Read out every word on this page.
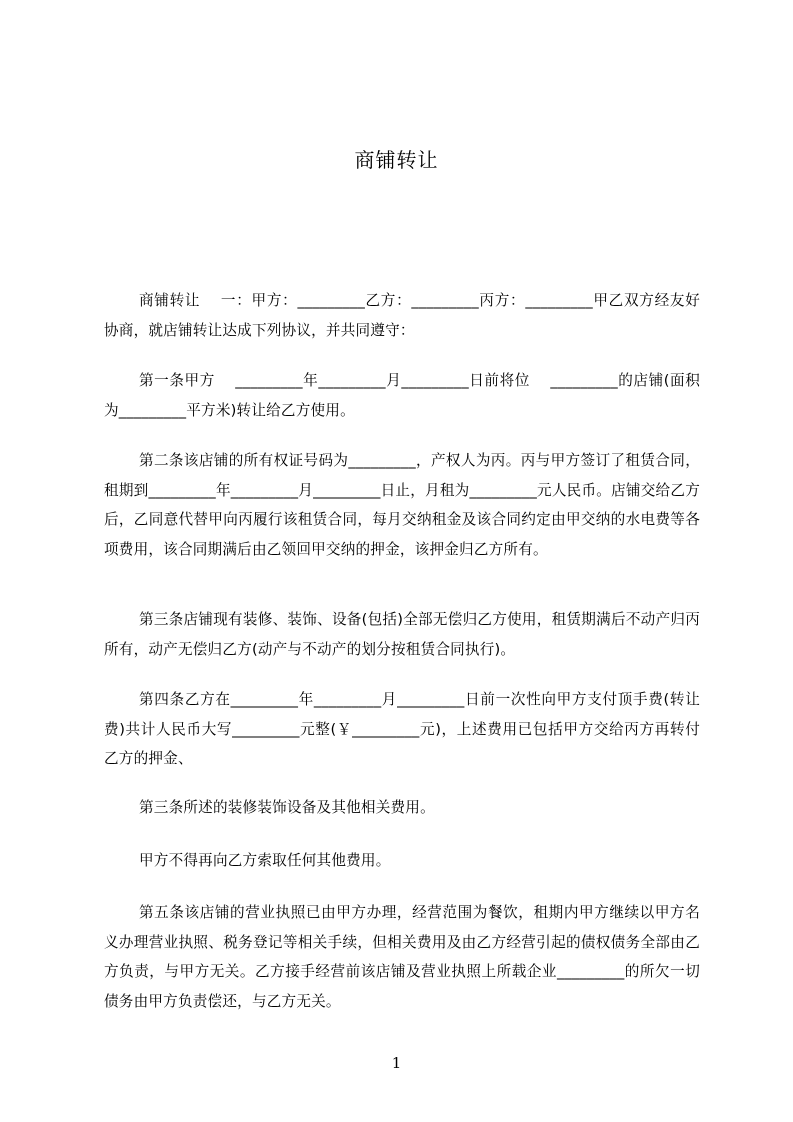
商铺转让

商铺转让　 一：甲方：_________乙方：_________丙方：_________甲乙双方经友好协商，就店铺转让达成下列协议，并共同遵守：

第一条甲方　 _________年_________月_________日前将位　 _________的店铺(面积为_________平方米)转让给乙方使用。

第二条该店铺的所有权证号码为_________，产权人为丙。丙与甲方签订了租赁合同，租期到_________年_________月_________日止，月租为_________元人民币。店铺交给乙方后，乙同意代替甲向丙履行该租赁合同，每月交纳租金及该合同约定由甲交纳的水电费等各项费用，该合同期满后由乙领回甲交纳的押金，该押金归乙方所有。

第三条店铺现有装修、装饰、设备(包括)全部无偿归乙方使用，租赁期满后不动产归丙所有，动产无偿归乙方(动产与不动产的划分按租赁合同执行)。

第四条乙方在_________年_________月_________日前一次性向甲方支付顶手费(转让费)共计人民币大写_________元整(￥_________元)，上述费用已包括甲方交给丙方再转付乙方的押金、

第三条所述的装修装饰设备及其他相关费用。

甲方不得再向乙方索取任何其他费用。

第五条该店铺的营业执照已由甲方办理，经营范围为餐饮，租期内甲方继续以甲方名义办理营业执照、税务登记等相关手续，但相关费用及由乙方经营引起的债权债务全部由乙方负责，与甲方无关。乙方接手经营前该店铺及营业执照上所载企业_________的所欠一切债务由甲方负责偿还，与乙方无关。

1
